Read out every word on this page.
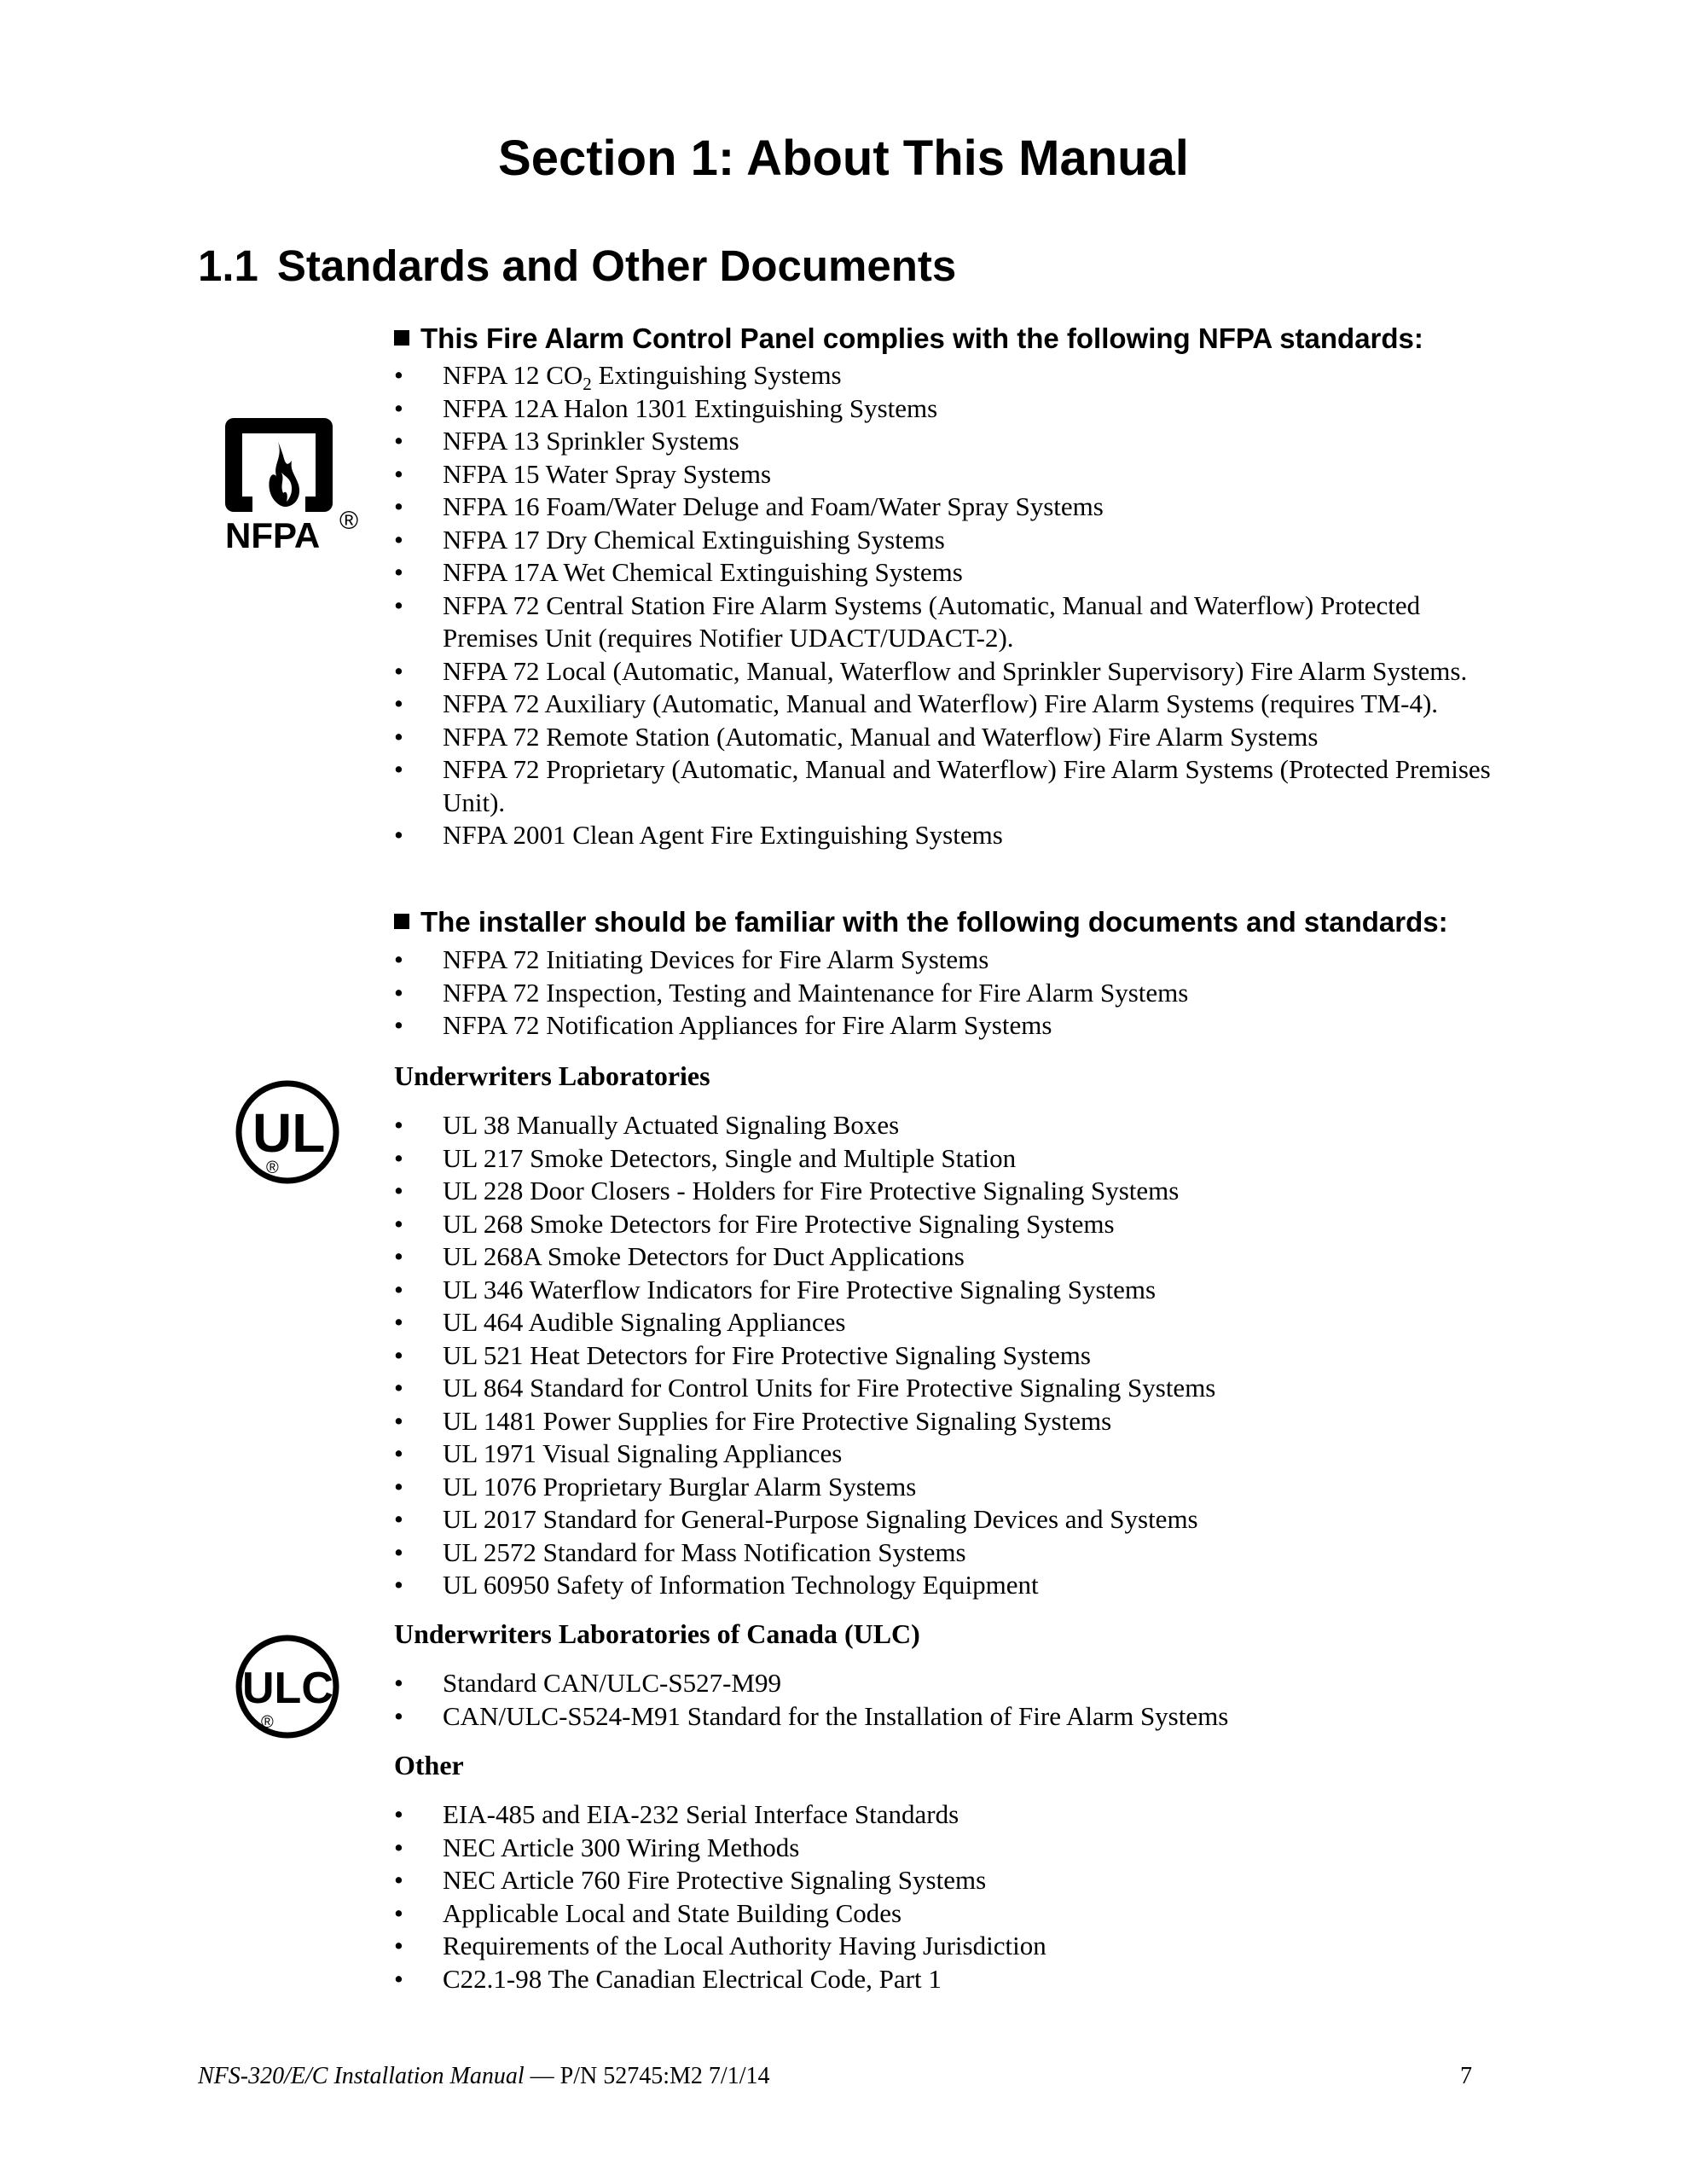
Section 1: About This Manual
1.1 Standards and Other Documents
NFPA ®
UL
®
ULC
®
This Fire Alarm Control Panel complies with the following NFPA standards:
• NFPA 12 $CO_2$ Extinguishing Systems
• NFPA 12A Halon 1301 Extinguishing Systems
• NFPA 13 Sprinkler Systems
• NFPA 15 Water Spray Systems
• NFPA 16 Foam/Water Deluge and Foam/Water Spray Systems
• NFPA 17 Dry Chemical Extinguishing Systems
• NFPA 17A Wet Chemical Extinguishing Systems
• NFPA 72 Central Station Fire Alarm Systems (Automatic, Manual and Waterflow) Protected Premises Unit (requires Notifier UDACT/UDACT-2).
• NFPA 72 Local (Automatic, Manual, Waterflow and Sprinkler Supervisory) Fire Alarm Systems.
• NFPA 72 Auxiliary (Automatic, Manual and Waterflow) Fire Alarm Systems (requires TM-4).
• NFPA 72 Remote Station (Automatic, Manual and Waterflow) Fire Alarm Systems
• NFPA 72 Proprietary (Automatic, Manual and Waterflow) Fire Alarm Systems (Protected Premises Unit).
• NFPA 2001 Clean Agent Fire Extinguishing Systems
The installer should be familiar with the following documents and standards:
• NFPA 72 Initiating Devices for Fire Alarm Systems
• NFPA 72 Inspection, Testing and Maintenance for Fire Alarm Systems
• NFPA 72 Notification Appliances for Fire Alarm Systems
Underwriters Laboratories
• UL 38 Manually Actuated Signaling Boxes
• UL 217 Smoke Detectors, Single and Multiple Station
• UL 228 Door Closers - Holders for Fire Protective Signaling Systems
• UL 268 Smoke Detectors for Fire Protective Signaling Systems
• UL 268A Smoke Detectors for Duct Applications
• UL 346 Waterflow Indicators for Fire Protective Signaling Systems
• UL 464 Audible Signaling Appliances
• UL 521 Heat Detectors for Fire Protective Signaling Systems
• UL 864 Standard for Control Units for Fire Protective Signaling Systems
• UL 1481 Power Supplies for Fire Protective Signaling Systems
• UL 1971 Visual Signaling Appliances
• UL 1076 Proprietary Burglar Alarm Systems
• UL 2017 Standard for General-Purpose Signaling Devices and Systems
• UL 2572 Standard for Mass Notification Systems
• UL 60950 Safety of Information Technology Equipment
Underwriters Laboratories of Canada (ULC)
• Standard CAN/ULC-S527-M99
• CAN/ULC-S524-M91 Standard for the Installation of Fire Alarm Systems
Other
• EIA-485 and EIA-232 Serial Interface Standards
• NEC Article 300 Wiring Methods
• NEC Article 760 Fire Protective Signaling Systems
• Applicable Local and State Building Codes
• Requirements of the Local Authority Having Jurisdiction
• C22.1-98 The Canadian Electrical Code, Part 1
NFS-320/E/C Installation Manual — P/N 52745:M2 7/1/14	7
